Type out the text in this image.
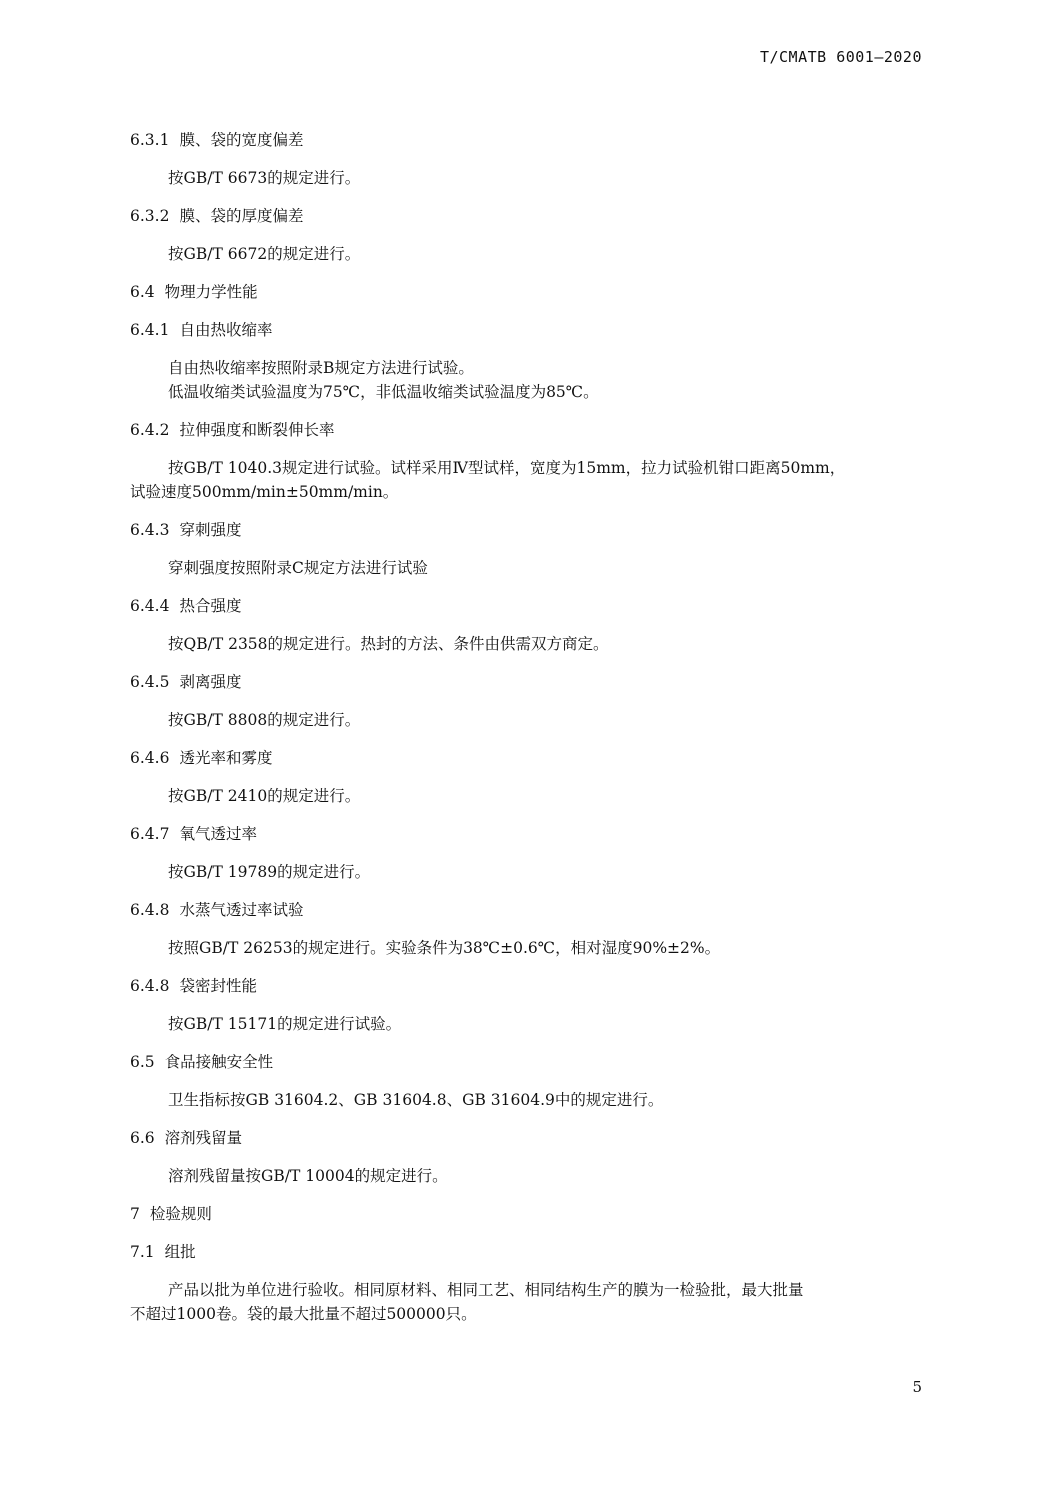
T/CMATB 6001—2020
6.3.1 膜、袋的宽度偏差
按GB/T 6673的规定进行。
6.3.2 膜、袋的厚度偏差
按GB/T 6672的规定进行。
6.4 物理力学性能
6.4.1 自由热收缩率
自由热收缩率按照附录B规定方法进行试验。
低温收缩类试验温度为75℃，非低温收缩类试验温度为85℃。
6.4.2 拉伸强度和断裂伸长率
按GB/T 1040.3规定进行试验。试样采用Ⅳ型试样，宽度为15mm，拉力试验机钳口距离50mm，
试验速度500mm/min±50mm/min。
6.4.3 穿刺强度
穿刺强度按照附录C规定方法进行试验
6.4.4 热合强度
按QB/T 2358的规定进行。热封的方法、条件由供需双方商定。
6.4.5 剥离强度
按GB/T 8808的规定进行。
6.4.6 透光率和雾度
按GB/T 2410的规定进行。
6.4.7 氧气透过率
按GB/T 19789的规定进行。
6.4.8 水蒸气透过率试验
按照GB/T 26253的规定进行。实验条件为38℃±0.6℃，相对湿度90%±2%。
6.4.8 袋密封性能
按GB/T 15171的规定进行试验。
6.5 食品接触安全性
卫生指标按GB 31604.2、GB 31604.8、GB 31604.9中的规定进行。
6.6 溶剂残留量
溶剂残留量按GB/T 10004的规定进行。
7 检验规则
7.1 组批
产品以批为单位进行验收。相同原材料、相同工艺、相同结构生产的膜为一检验批，最大批量
不超过1000卷。袋的最大批量不超过500000只。
5
